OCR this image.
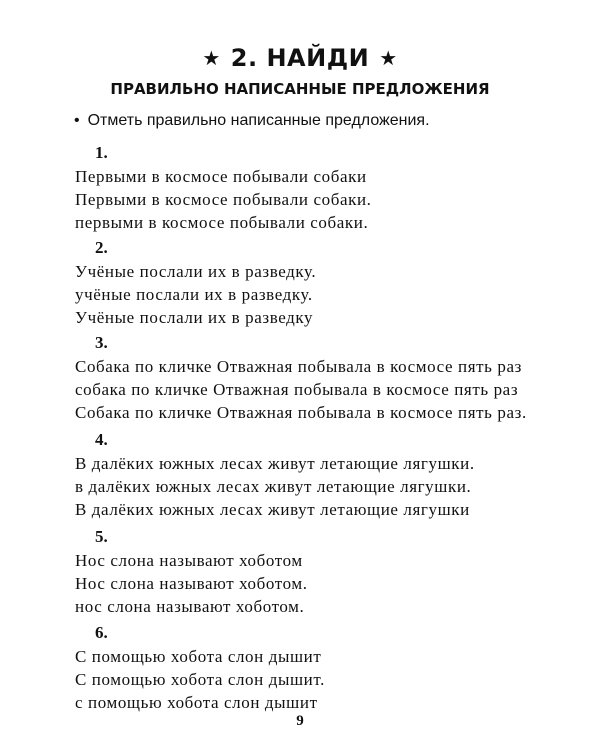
★ 2. НАЙДИ ★
ПРАВИЛЬНО НАПИСАННЫЕ ПРЕДЛОЖЕНИЯ
• Отметь правильно написанные предложения.
1.
Первыми в космосе побывали собаки
Первыми в космосе побывали собаки.
первыми в космосе побывали собаки.
2.
Учёные послали их в разведку.
учёные послали их в разведку.
Учёные послали их в разведку
3.
Собака по кличке Отважная побывала в космосе пять раз
собака по кличке Отважная побывала в космосе пять раз
Собака по кличке Отважная побывала в космосе пять раз.
4.
В далёких южных лесах живут летающие лягушки.
в далёких южных лесах живут летающие лягушки.
В далёких южных лесах живут летающие лягушки
5.
Нос слона называют хоботом
Нос слона называют хоботом.
нос слона называют хоботом.
6.
С помощью хобота слон дышит
С помощью хобота слон дышит.
с помощью хобота слон дышит
9
